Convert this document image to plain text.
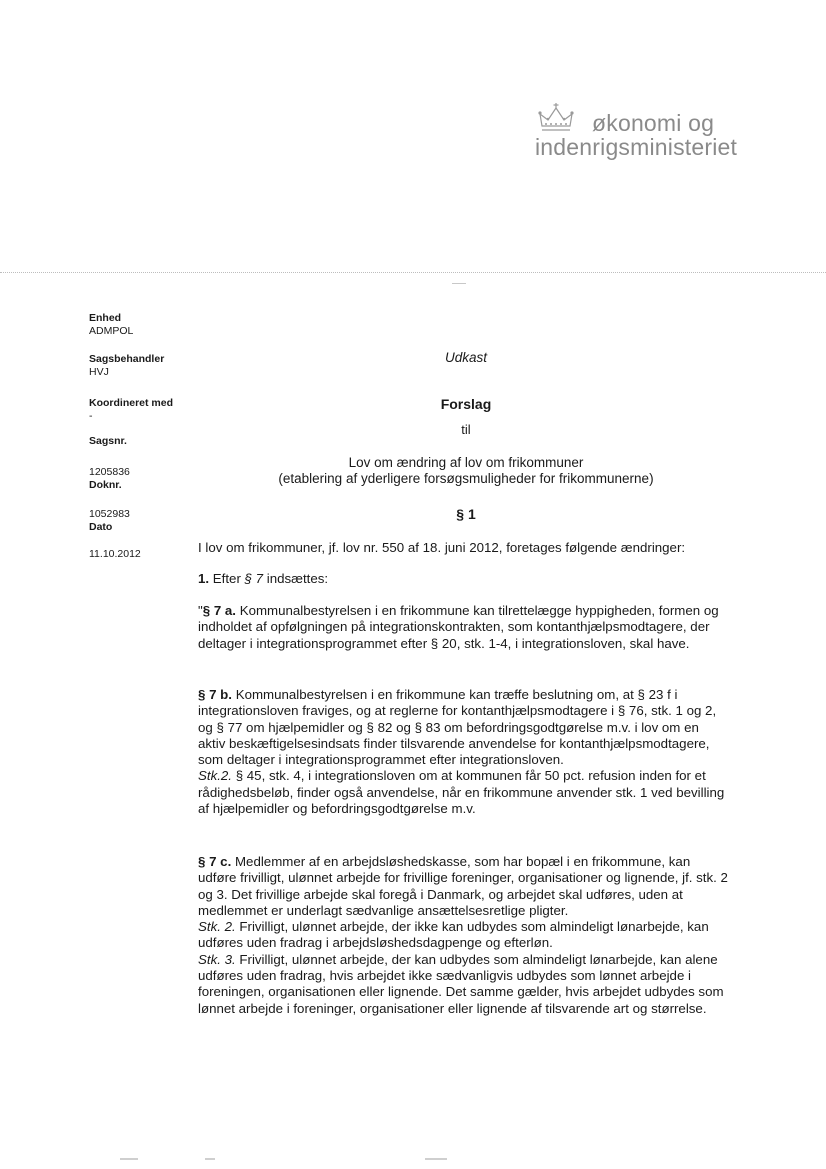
økonomi og
indenrigsministeriet
Enhed
ADMPOL
Sagsbehandler
HVJ
Koordineret med
-
Sagsnr.
1205836
Doknr.
1052983
Dato
11.10.2012
Udkast
Forslag
til
Lov om ændring af lov om frikommuner
(etablering af yderligere forsøgsmuligheder for frikommunerne)
§ 1

I lov om frikommuner, jf. lov nr. 550 af 18. juni 2012, foretages følgende ændringer:

1. Efter § 7 indsættes:

"§ 7 a. Kommunalbestyrelsen i en frikommune kan tilrettelægge hyppigheden, formen og indholdet af opfølgningen på integrationskontrakten, som kontanthjælpsmodtagere, der deltager i integrationsprogrammet efter § 20, stk. 1-4, i integrationsloven, skal have.

§ 7 b. Kommunalbestyrelsen i en frikommune kan træffe beslutning om, at § 23 f i integrationsloven fraviges, og at reglerne for kontanthjælpsmodtagere i § 76, stk. 1 og 2, og § 77 om hjælpemidler og § 82 og § 83 om befordringsgodtgørelse m.v. i lov om en aktiv beskæftigelsesindsats finder tilsvarende anvendelse for kontanthjælpsmodtagere, som deltager i integrationsprogrammet efter integrationsloven.

Stk.2. § 45, stk. 4, i integrationsloven om at kommunen får 50 pct. refusion inden for et rådighedsbeløb, finder også anvendelse, når en frikommune anvender stk. 1 ved bevilling af hjælpemidler og befordringsgodtgørelse m.v.

§ 7 c. Medlemmer af en arbejdsløshedskasse, som har bopæl i en frikommune, kan udføre frivilligt, ulønnet arbejde for frivillige foreninger, organisationer og lignende, jf. stk. 2 og 3. Det frivillige arbejde skal foregå i Danmark, og arbejdet skal udføres, uden at medlemmet er underlagt sædvanlige ansættelsesretlige pligter.

Stk. 2. Frivilligt, ulønnet arbejde, der ikke kan udbydes som almindeligt lønarbejde, kan udføres uden fradrag i arbejdsløshedsdagpenge og efterløn.

Stk. 3. Frivilligt, ulønnet arbejde, der kan udbydes som almindeligt lønarbejde, kan alene udføres uden fradrag, hvis arbejdet ikke sædvanligvis udbydes som lønnet arbejde i foreningen, organisationen eller lignende. Det samme gælder, hvis arbejdet udbydes som lønnet arbejde i foreninger, organisationer eller lignende af tilsvarende art og størrelse.
